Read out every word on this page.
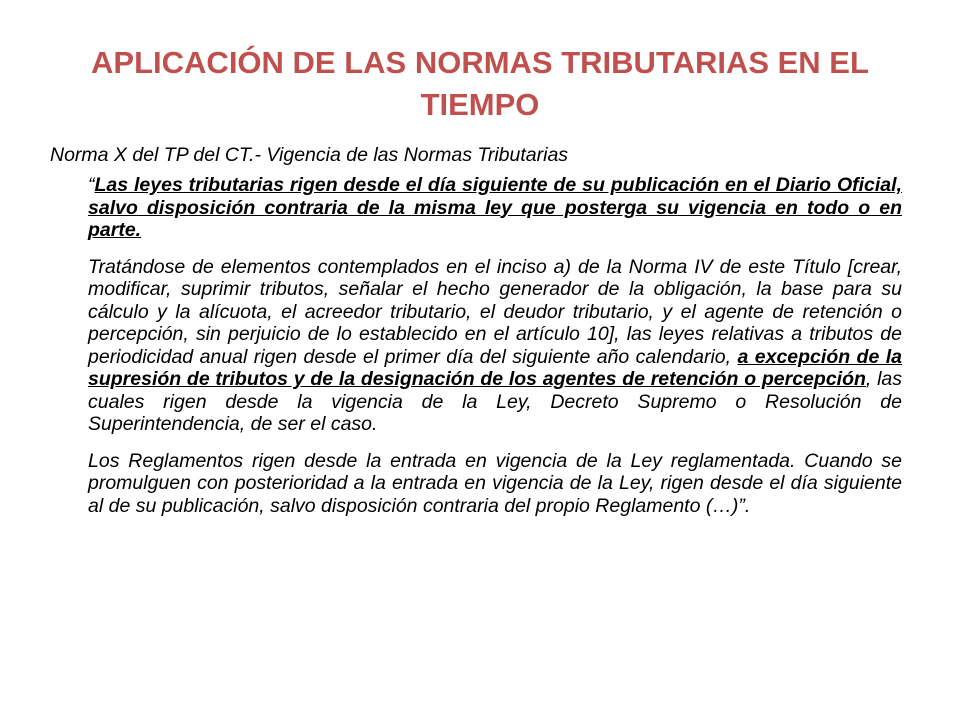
APLICACIÓN DE LAS NORMAS TRIBUTARIAS EN EL TIEMPO

Norma X del TP del CT.- Vigencia de las Normas Tributarias

“Las leyes tributarias rigen desde el día siguiente de su publicación en el Diario Oficial, salvo disposición contraria de la misma ley que posterga su vigencia en todo o en parte.

Tratándose de elementos contemplados en el inciso a) de la Norma IV de este Título [crear, modificar, suprimir tributos, señalar el hecho generador de la obligación, la base para su cálculo y la alícuota, el acreedor tributario, el deudor tributario, y el agente de retención o percepción, sin perjuicio de lo establecido en el artículo 10], las leyes relativas a tributos de periodicidad anual rigen desde el primer día del siguiente año calendario, a excepción de la supresión de tributos y de la designación de los agentes de retención o percepción, las cuales rigen desde la vigencia de la Ley, Decreto Supremo o Resolución de Superintendencia, de ser el caso.

Los Reglamentos rigen desde la entrada en vigencia de la Ley reglamentada. Cuando se promulguen con posterioridad a la entrada en vigencia de la Ley, rigen desde el día siguiente al de su publicación, salvo disposición contraria del propio Reglamento (…)”.
